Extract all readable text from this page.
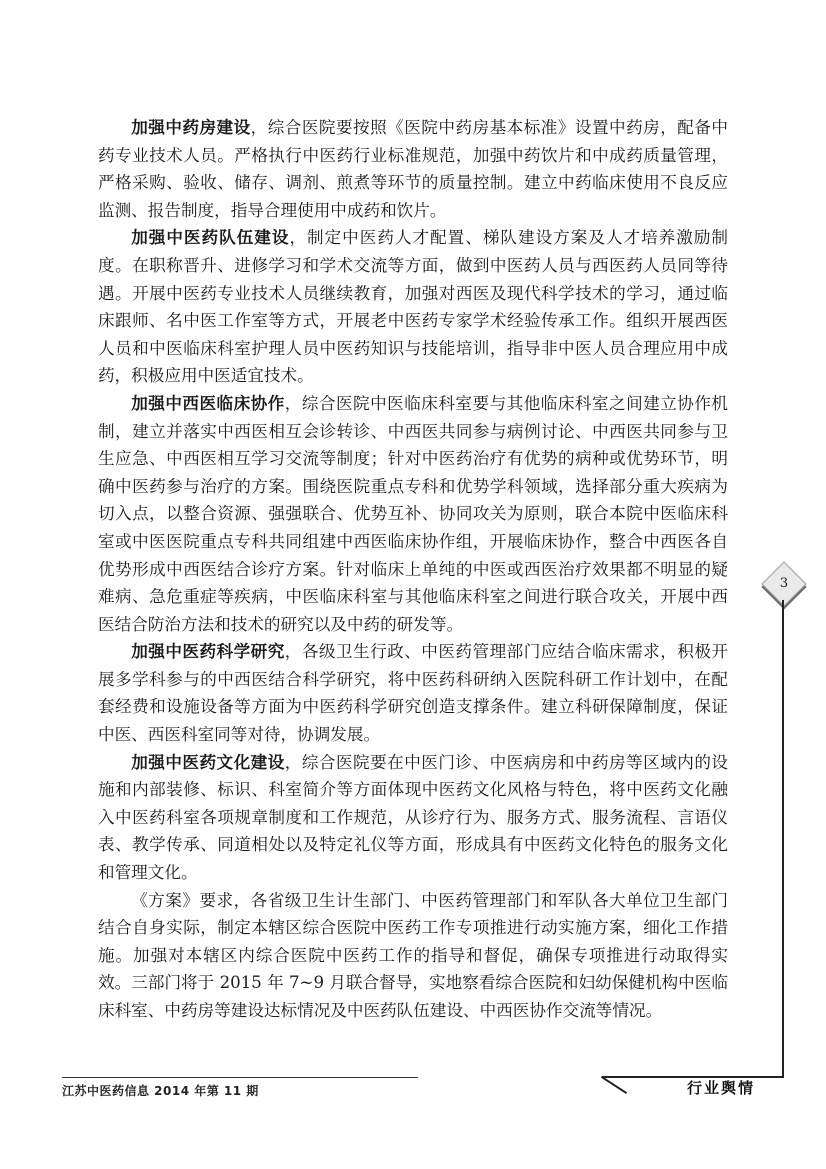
加强中药房建设，综合医院要按照《医院中药房基本标准》设置中药房，配备中药专业技术人员。严格执行中医药行业标准规范，加强中药饮片和中成药质量管理，严格采购、验收、储存、调剂、煎煮等环节的质量控制。建立中药临床使用不良反应监测、报告制度，指导合理使用中成药和饮片。

加强中医药队伍建设，制定中医药人才配置、梯队建设方案及人才培养激励制度。在职称晋升、进修学习和学术交流等方面，做到中医药人员与西医药人员同等待遇。开展中医药专业技术人员继续教育，加强对西医及现代科学技术的学习，通过临床跟师、名中医工作室等方式，开展老中医药专家学术经验传承工作。组织开展西医人员和中医临床科室护理人员中医药知识与技能培训，指导非中医人员合理应用中成药，积极应用中医适宜技术。

加强中西医临床协作，综合医院中医临床科室要与其他临床科室之间建立协作机制，建立并落实中西医相互会诊转诊、中西医共同参与病例讨论、中西医共同参与卫生应急、中西医相互学习交流等制度；针对中医药治疗有优势的病种或优势环节，明确中医药参与治疗的方案。围绕医院重点专科和优势学科领域，选择部分重大疾病为切入点，以整合资源、强强联合、优势互补、协同攻关为原则，联合本院中医临床科室或中医医院重点专科共同组建中西医临床协作组，开展临床协作，整合中西医各自优势形成中西医结合诊疗方案。针对临床上单纯的中医或西医治疗效果都不明显的疑难病、急危重症等疾病，中医临床科室与其他临床科室之间进行联合攻关，开展中西医结合防治方法和技术的研究以及中药的研发等。

加强中医药科学研究，各级卫生行政、中医药管理部门应结合临床需求，积极开展多学科参与的中西医结合科学研究，将中医药科研纳入医院科研工作计划中，在配套经费和设施设备等方面为中医药科学研究创造支撑条件。建立科研保障制度，保证中医、西医科室同等对待，协调发展。

加强中医药文化建设，综合医院要在中医门诊、中医病房和中药房等区域内的设施和内部装修、标识、科室简介等方面体现中医药文化风格与特色，将中医药文化融入中医药科室各项规章制度和工作规范，从诊疗行为、服务方式、服务流程、言语仪表、教学传承、同道相处以及特定礼仪等方面，形成具有中医药文化特色的服务文化和管理文化。

《方案》要求，各省级卫生计生部门、中医药管理部门和军队各大单位卫生部门结合自身实际，制定本辖区综合医院中医药工作专项推进行动实施方案，细化工作措施。加强对本辖区内综合医院中医药工作的指导和督促，确保专项推进行动取得实效。三部门将于 2015 年 7~9 月联合督导，实地察看综合医院和妇幼保健机构中医临床科室、中药房等建设达标情况及中医药队伍建设、中西医协作交流等情况。

3
江苏中医药信息 2014 年第 11 期	行业舆情
